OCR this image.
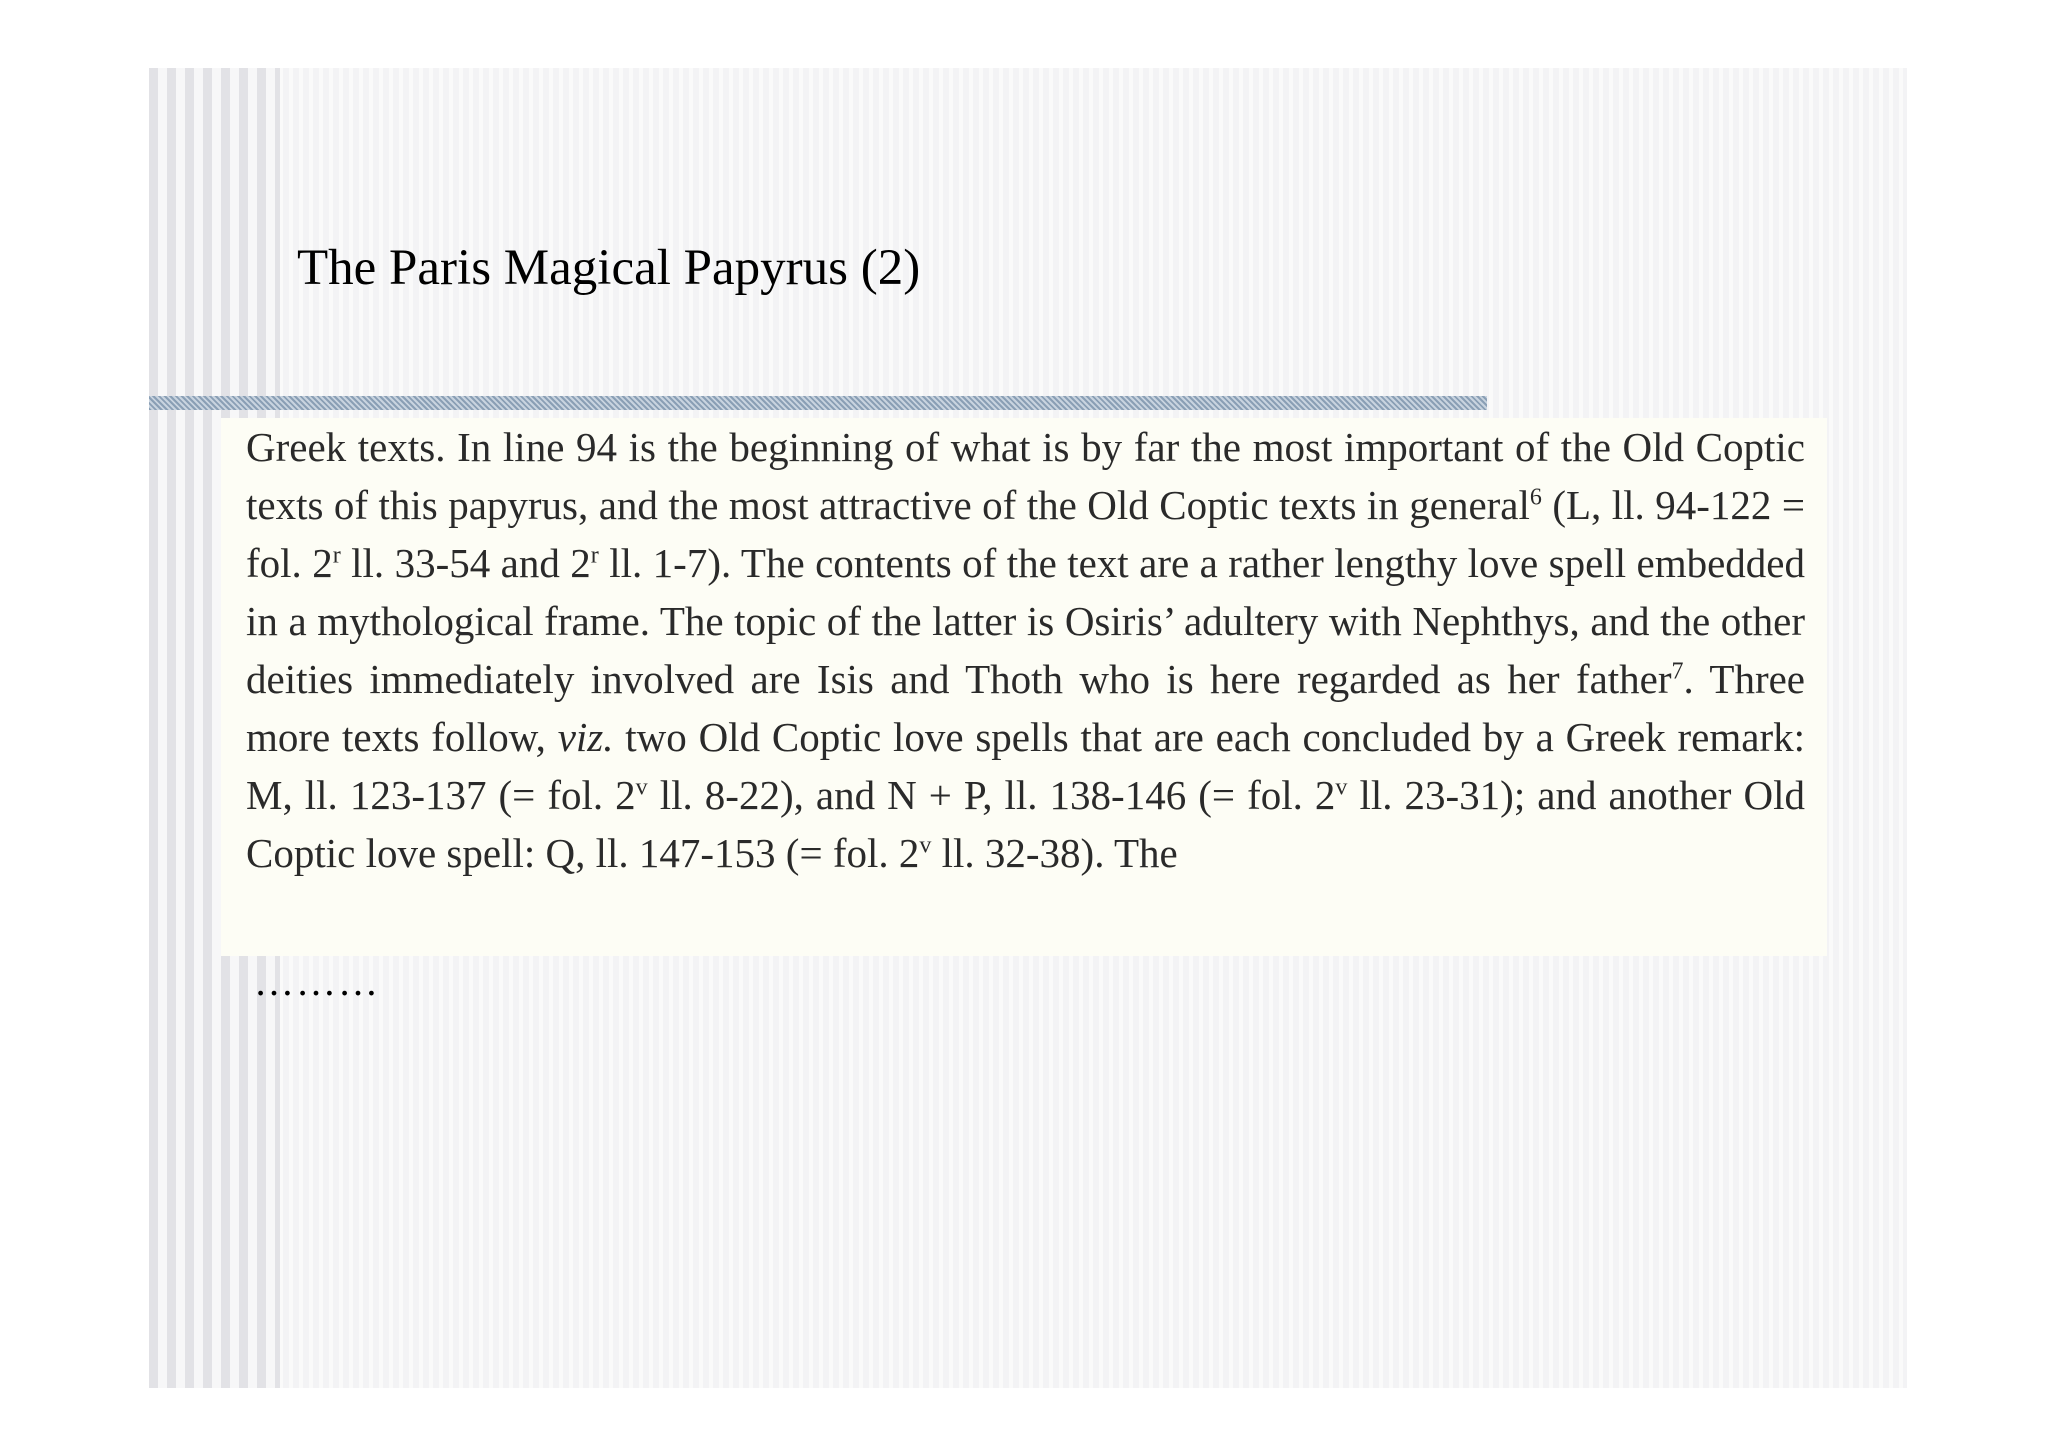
The Paris Magical Papyrus (2)

Greek texts. In line 94 is the beginning of what is by far the most important of the Old Coptic texts of this papyrus, and the most attractive of the Old Coptic texts in general$^6$ (L, ll. 94-122 = fol. 2$^r$ ll. 33-54 and 2$^r$ ll. 1-7). The contents of the text are a rather lengthy love spell embedded in a mythological frame. The topic of the latter is Osiris’ adultery with Nephthys, and the other deities immediately involved are Isis and Thoth who is here regarded as her father$^7$. Three more texts follow, viz. two Old Coptic love spells that are each concluded by a Greek remark: M, ll. 123-137 (= fol. 2$^v$ ll. 8-22), and N + P, ll. 138-146 (= fol. 2$^v$ ll. 23-31); and another Old Coptic love spell: Q, ll. 147-153 (= fol. 2$^v$ ll. 32-38). The

………
